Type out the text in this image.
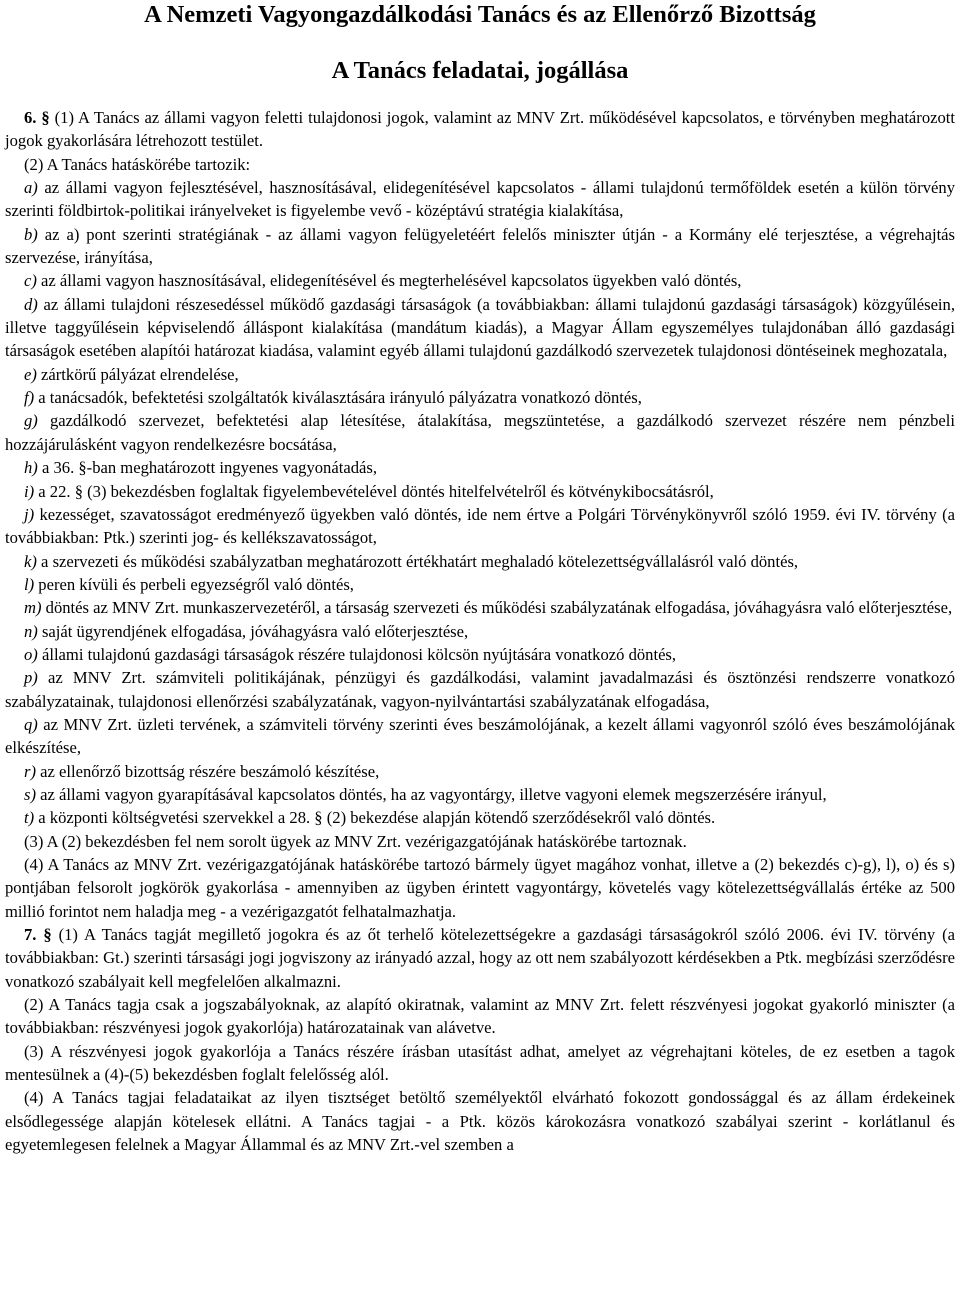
A Nemzeti Vagyongazdálkodási Tanács és az Ellenőrző Bizottság
A Tanács feladatai, jogállása

6. § (1) A Tanács az állami vagyon feletti tulajdonosi jogok, valamint az MNV Zrt. működésével kapcsolatos, e törvényben meghatározott jogok gyakorlására létrehozott testület.

(2) A Tanács hatáskörébe tartozik:

a) az állami vagyon fejlesztésével, hasznosításával, elidegenítésével kapcsolatos - állami tulajdonú termőföldek esetén a külön törvény szerinti földbirtok-politikai irányelveket is figyelembe vevő - középtávú stratégia kialakítása,

b) az a) pont szerinti stratégiának - az állami vagyon felügyeletéért felelős miniszter útján - a Kormány elé terjesztése, a végrehajtás szervezése, irányítása,

c) az állami vagyon hasznosításával, elidegenítésével és megterhelésével kapcsolatos ügyekben való döntés,

d) az állami tulajdoni részesedéssel működő gazdasági társaságok (a továbbiakban: állami tulajdonú gazdasági társaságok) közgyűlésein, illetve taggyűlésein képviselendő álláspont kialakítása (mandátum kiadás), a Magyar Állam egyszemélyes tulajdonában álló gazdasági társaságok esetében alapítói határozat kiadása, valamint egyéb állami tulajdonú gazdálkodó szervezetek tulajdonosi döntéseinek meghozatala,

e) zártkörű pályázat elrendelése,

f) a tanácsadók, befektetési szolgáltatók kiválasztására irányuló pályázatra vonatkozó döntés,

g) gazdálkodó szervezet, befektetési alap létesítése, átalakítása, megszüntetése, a gazdálkodó szervezet részére nem pénzbeli hozzájárulásként vagyon rendelkezésre bocsátása,

h) a 36. §-ban meghatározott ingyenes vagyonátadás,

i) a 22. § (3) bekezdésben foglaltak figyelembevételével döntés hitelfelvételről és kötvénykibocsátásról,

j) kezességet, szavatosságot eredményező ügyekben való döntés, ide nem értve a Polgári Törvénykönyvről szóló 1959. évi IV. törvény (a továbbiakban: Ptk.) szerinti jog- és kellékszavatosságot,

k) a szervezeti és működési szabályzatban meghatározott értékhatárt meghaladó kötelezettségvállalásról való döntés,

l) peren kívüli és perbeli egyezségről való döntés,

m) döntés az MNV Zrt. munkaszervezetéről, a társaság szervezeti és működési szabályzatának elfogadása, jóváhagyásra való előterjesztése,

n) saját ügyrendjének elfogadása, jóváhagyásra való előterjesztése,

o) állami tulajdonú gazdasági társaságok részére tulajdonosi kölcsön nyújtására vonatkozó döntés,

p) az MNV Zrt. számviteli politikájának, pénzügyi és gazdálkodási, valamint javadalmazási és ösztönzési rendszerre vonatkozó szabályzatainak, tulajdonosi ellenőrzési szabályzatának, vagyon-nyilvántartási szabályzatának elfogadása,

q) az MNV Zrt. üzleti tervének, a számviteli törvény szerinti éves beszámolójának, a kezelt állami vagyonról szóló éves beszámolójának elkészítése,

r) az ellenőrző bizottság részére beszámoló készítése,

s) az állami vagyon gyarapításával kapcsolatos döntés, ha az vagyontárgy, illetve vagyoni elemek megszerzésére irányul,

t) a központi költségvetési szervekkel a 28. § (2) bekezdése alapján kötendő szerződésekről való döntés.

(3) A (2) bekezdésben fel nem sorolt ügyek az MNV Zrt. vezérigazgatójának hatáskörébe tartoznak.

(4) A Tanács az MNV Zrt. vezérigazgatójának hatáskörébe tartozó bármely ügyet magához vonhat, illetve a (2) bekezdés c)-g), l), o) és s) pontjában felsorolt jogkörök gyakorlása - amennyiben az ügyben érintett vagyontárgy, követelés vagy kötelezettségvállalás értéke az 500 millió forintot nem haladja meg - a vezérigazgatót felhatalmazhatja.

7. § (1) A Tanács tagját megillető jogokra és az őt terhelő kötelezettségekre a gazdasági társaságokról szóló 2006. évi IV. törvény (a továbbiakban: Gt.) szerinti társasági jogi jogviszony az irányadó azzal, hogy az ott nem szabályozott kérdésekben a Ptk. megbízási szerződésre vonatkozó szabályait kell megfelelően alkalmazni.

(2) A Tanács tagja csak a jogszabályoknak, az alapító okiratnak, valamint az MNV Zrt. felett részvényesi jogokat gyakorló miniszter (a továbbiakban: részvényesi jogok gyakorlója) határozatainak van alávetve.

(3) A részvényesi jogok gyakorlója a Tanács részére írásban utasítást adhat, amelyet az végrehajtani köteles, de ez esetben a tagok mentesülnek a (4)-(5) bekezdésben foglalt felelősség alól.

(4) A Tanács tagjai feladataikat az ilyen tisztséget betöltő személyektől elvárható fokozott gondossággal és az állam érdekeinek elsődlegessége alapján kötelesek ellátni. A Tanács tagjai - a Ptk. közös károkozásra vonatkozó szabályai szerint - korlátlanul és egyetemlegesen felelnek a Magyar Állammal és az MNV Zrt.-vel szemben a
